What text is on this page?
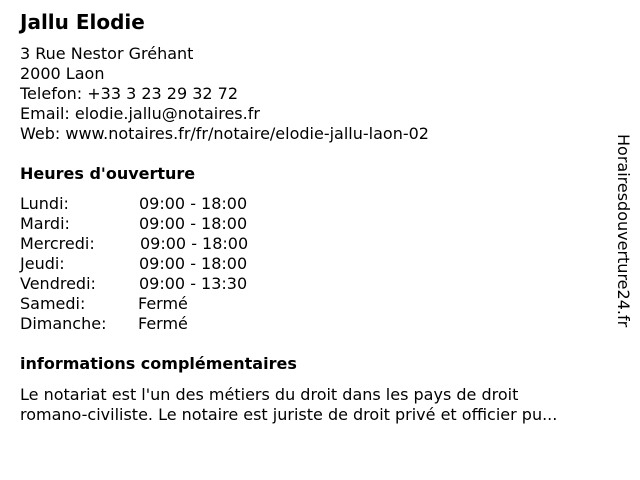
Jallu Elodie
3 Rue Nestor Gréhant
2000 Laon
Telefon: +33 3 23 29 32 72
Email: elodie.jallu@notaires.fr
Web: www.notaires.fr/fr/notaire/elodie-jallu-laon-02
Heures d'ouverture
Lundi:	09:00 - 18:00
Mardi:	09:00 - 18:00
Mercredi:	09:00 - 18:00
Jeudi:	09:00 - 18:00
Vendredi:	09:00 - 13:30
Samedi:	Fermé
Dimanche: Fermé
informations complémentaires
Le notariat est l'un des métiers du droit dans les pays de droit
romano-civiliste. Le notaire est juriste de droit privé et officier pu...
Horairesdouverture24.fr
